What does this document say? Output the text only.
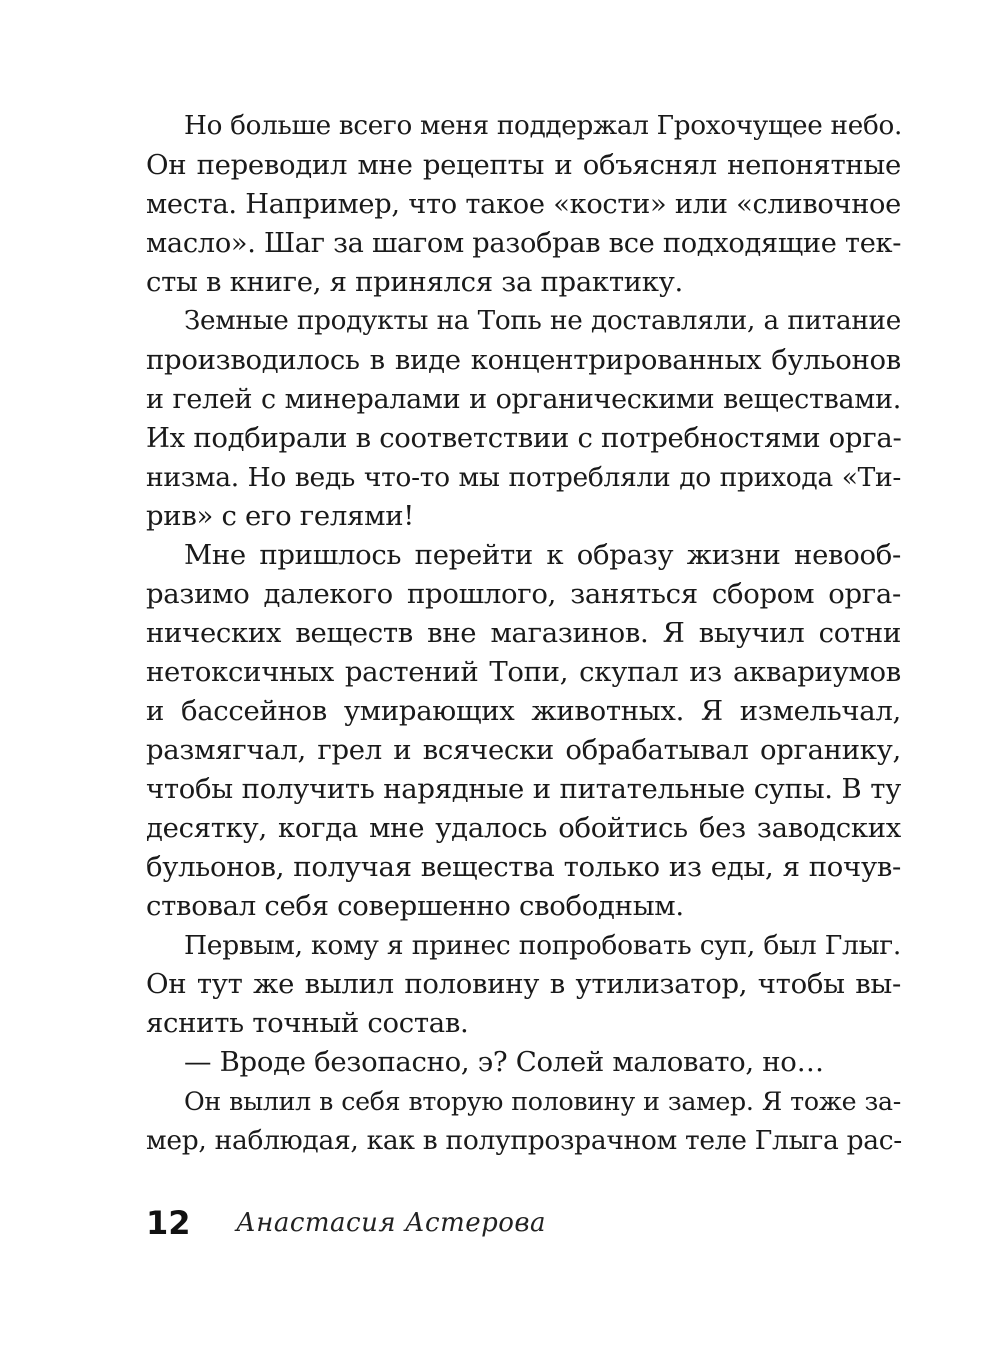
Но больше всего меня поддержал Грохочущее небо.
Он переводил мне рецепты и объяснял непонятные
места. Например, что такое «кости» или «сливочное
масло». Шаг за шагом разобрав все подходящие тек-
сты в книге, я принялся за практику.
Земные продукты на Топь не доставляли, а питание
производилось в виде концентрированных бульонов
и гелей с минералами и органическими веществами.
Их подбирали в соответствии с потребностями орга-
низма. Но ведь что-то мы потребляли до прихода «Ти-
рив» с его гелями!
Мне пришлось перейти к образу жизни невооб-
разимо далекого прошлого, заняться сбором орга-
нических веществ вне магазинов. Я выучил сотни
нетоксичных растений Топи, скупал из аквариумов
и бассейнов умирающих животных. Я измельчал,
размягчал, грел и всячески обрабатывал органику,
чтобы получить нарядные и питательные супы. В ту
десятку, когда мне удалось обойтись без заводских
бульонов, получая вещества только из еды, я почув-
ствовал себя совершенно свободным.
Первым, кому я принес попробовать суп, был Глыг.
Он тут же вылил половину в утилизатор, чтобы вы-
яснить точный состав.
— Вроде безопасно, э? Солей маловато, но…
Он вылил в себя вторую половину и замер. Я тоже за-
мер, наблюдая, как в полупрозрачном теле Глыга рас-
12	Анастасия Астерова
